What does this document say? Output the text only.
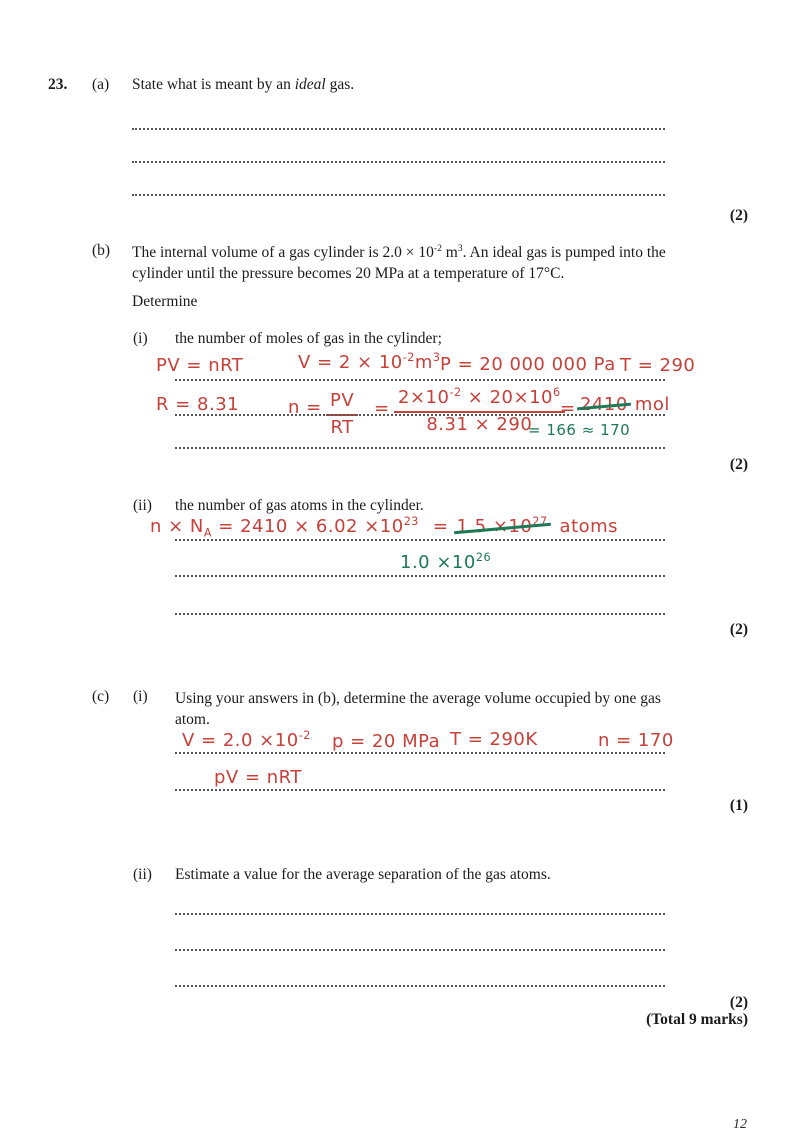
23. (a) State what is meant by an ideal gas.
(2)
(b) The internal volume of a gas cylinder is $2.0 \times 10^{-2}$ $m^3$. An ideal gas is pumped into the
cylinder until the pressure becomes 20 MPa at a temperature of 17°C.
Determine
(i) the number of moles of gas in the cylinder;
PV = nRT	$V = 2 \times 10^{-2}m^3$ P = 20 000 000 Pa T = 290
R = 8.31	$n = \frac{PV}{RT} = \frac{2\times 10^{-2} \times 20\times 10^6}{8.31 \times 290}$
= 2410 mol
= 166 ≈ 170
(2)
(ii) the number of gas atoms in the cylinder.
$n \times N_A = 2410 \times 6.02 \times 10^{23} = 1.5 \times 10^{27}$ atoms
$1.0 \times 10^{26}$
(2)
(c) (i) Using your answers in (b), determine the average volume occupied by one gas
atom.
$V = 2.0 \times 10^{-2}$ p = 20 MPa T = 290K	n = 170
pV = nRT
(1)
(ii) Estimate a value for the average separation of the gas atoms.
(2)
(Total 9 marks)
12
